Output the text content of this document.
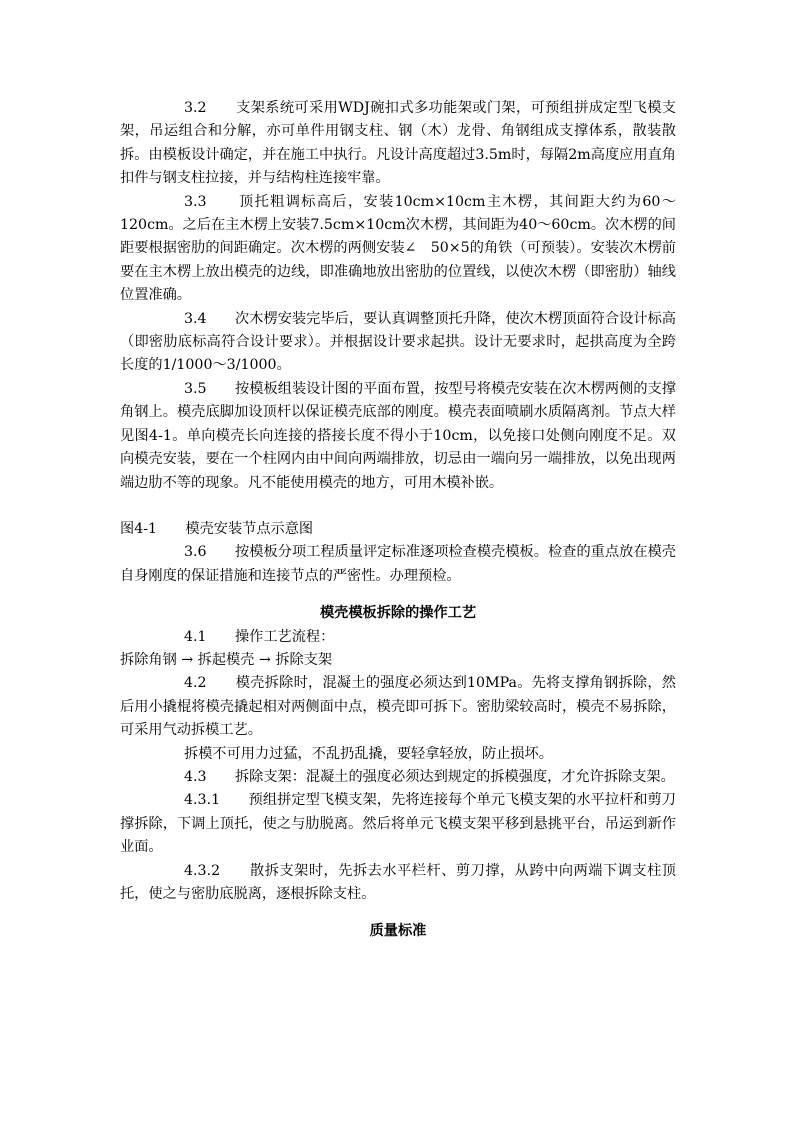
3.2　　支架系统可采用WDJ碗扣式多功能架或门架，可预组拼成定型飞模支架，吊运组合和分解，亦可单件用钢支柱、钢（木）龙骨、角钢组成支撑体系，散装散拆。由模板设计确定，并在施工中执行。凡设计高度超过3.5m时，每隔2m高度应用直角扣件与钢支柱拉接，并与结构柱连接牢靠。

3.3　　顶托粗调标高后，安装10cm×10cm主木楞，其间距大约为60～120cm。之后在主木楞上安装7.5cm×10cm次木楞，其间距为40～60cm。次木楞的间距要根据密肋的间距确定。次木楞的两侧安装∠　50×5的角铁（可预装）。安装次木楞前要在主木楞上放出模壳的边线，即准确地放出密肋的位置线，以使次木楞（即密肋）轴线位置准确。

3.4　　次木楞安装完毕后，要认真调整顶托升降，使次木楞顶面符合设计标高（即密肋底标高符合设计要求）。并根据设计要求起拱。设计无要求时，起拱高度为全跨长度的1/1000～3/1000。

3.5　　按模板组装设计图的平面布置，按型号将模壳安装在次木楞两侧的支撑角钢上。模壳底脚加设顶杆以保证模壳底部的刚度。模壳表面喷刷水质隔离剂。节点大样见图4-1。单向模壳长向连接的搭接长度不得小于10cm，以免接口处侧向刚度不足。双向模壳安装，要在一个柱网内由中间向两端排放，切忌由一端向另一端排放，以免出现两端边肋不等的现象。凡不能使用模壳的地方，可用木模补嵌。

图4-1　　模壳安装节点示意图

3.6　　按模板分项工程质量评定标准逐项检查模壳模板。检查的重点放在模壳自身刚度的保证措施和连接节点的严密性。办理预检。

模壳模板拆除的操作工艺

4.1　　操作工艺流程：

拆除角钢 → 拆起模壳 → 拆除支架

4.2　　模壳拆除时，混凝土的强度必须达到10MPa。先将支撑角钢拆除，然后用小撬棍将模壳撬起相对两侧面中点，模壳即可拆下。密肋梁较高时，模壳不易拆除，可采用气动拆模工艺。

拆模不可用力过猛，不乱扔乱撬，要轻拿轻放，防止损坏。

4.3　　拆除支架：混凝土的强度必须达到规定的拆模强度，才允许拆除支架。

4.3.1　　预组拼定型飞模支架，先将连接每个单元飞模支架的水平拉杆和剪刀撑拆除，下调上顶托，使之与肋脱离。然后将单元飞模支架平移到悬挑平台，吊运到新作业面。

4.3.2　　散拆支架时，先拆去水平栏杆、剪刀撑，从跨中向两端下调支柱顶托，使之与密肋底脱离，逐根拆除支柱。

质量标准
